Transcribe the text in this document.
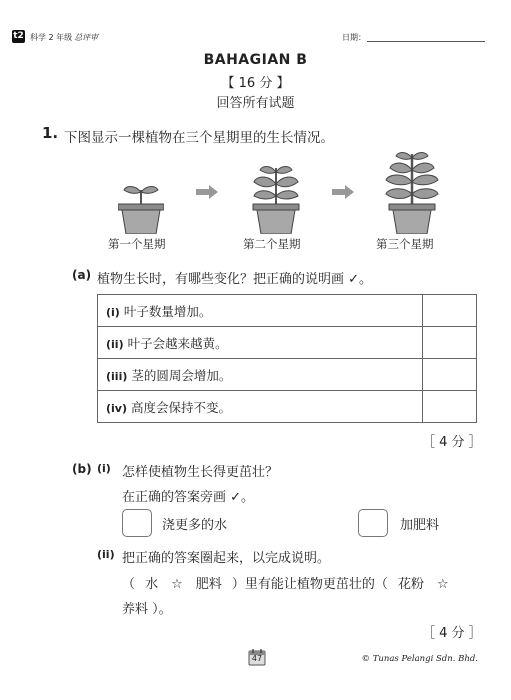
t2 科学 2 年级 总评审	日期：
BAHAGIAN B
【 16 分 】
回答所有试题
1. 下图显示一棵植物在三个星期里的生长情况。
第一个星期	第二个星期	第三个星期
(a) 植物生长时，有哪些变化？把正确的说明画 ✓。
(i) 叶子数量增加。	
(ii) 叶子会越来越黄。	
(iii) 茎的圆周会增加。	
(iv) 高度会保持不变。	
［ 4 分 ］
(b) (i) 怎样使植物生长得更茁壮？
在正确的答案旁画 ✓。
浇更多的水	加肥料
(ii) 把正确的答案圈起来，以完成说明。
（ 水　☆　肥料 ）里有能让植物更茁壮的（ 花粉　☆
养料 ）。
［ 4 分 ］
47	© Tunas Pelangi Sdn. Bhd.
